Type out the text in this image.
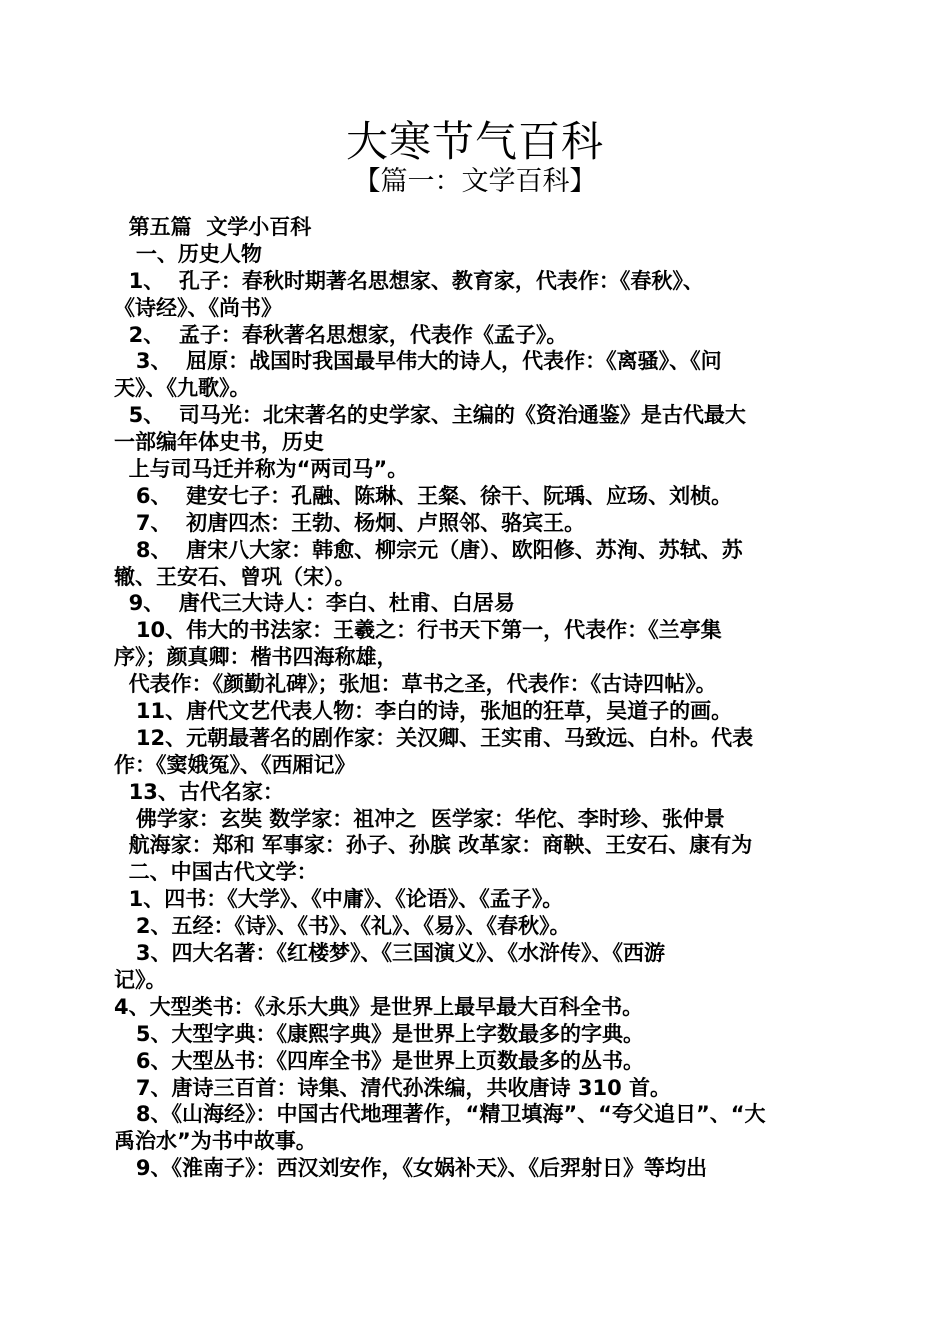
大寒节气百科
【篇一：文学百科】
第五篇  文学小百科
一、历史人物
1、  孔子：春秋时期著名思想家、教育家，代表作：《春秋》、
《诗经》、《尚书》
2、  孟子：春秋著名思想家，代表作《孟子》。
3、  屈原：战国时我国最早伟大的诗人，代表作：《离骚》、《问
天》、《九歌》。
5、  司马光：北宋著名的史学家、主编的《资治通鉴》是古代最大
一部编年体史书，历史
上与司马迁并称为“两司马”。
6、  建安七子：孔融、陈琳、王粲、徐干、阮瑀、应玚、刘桢。
7、  初唐四杰：王勃、杨炯、卢照邻、骆宾王。
8、  唐宋八大家：韩愈、柳宗元（唐）、欧阳修、苏洵、苏轼、苏
辙、王安石、曾巩（宋）。
9、  唐代三大诗人：李白、杜甫、白居易
10、伟大的书法家：王羲之：行书天下第一，代表作：《兰亭集
序》；颜真卿：楷书四海称雄，
代表作：《颜勤礼碑》；张旭：草书之圣，代表作：《古诗四帖》。
11、唐代文艺代表人物：李白的诗，张旭的狂草，吴道子的画。
12、元朝最著名的剧作家：关汉卿、王实甫、马致远、白朴。代表
作：《窦娥冤》、《西厢记》
13、古代名家：
佛学家：玄奘 数学家：祖冲之  医学家：华佗、李时珍、张仲景
航海家：郑和 军事家：孙子、孙膑 改革家：商鞅、王安石、康有为
二、中国古代文学：
1、四书：《大学》、《中庸》、《论语》、《孟子》。
2、五经：《诗》、《书》、《礼》、《易》、《春秋》。
3、四大名著：《红楼梦》、《三国演义》、《水浒传》、《西游
记》。
4、大型类书：《永乐大典》是世界上最早最大百科全书。
5、大型字典：《康熙字典》是世界上字数最多的字典。
6、大型丛书：《四库全书》是世界上页数最多的丛书。
7、唐诗三百首：诗集、清代孙洙编，共收唐诗 310 首。
8、《山海经》：中国古代地理著作，“精卫填海”、“夸父追日”、“大
禹治水”为书中故事。
9、《淮南子》：西汉刘安作，《女娲补天》、《后羿射日》等均出
